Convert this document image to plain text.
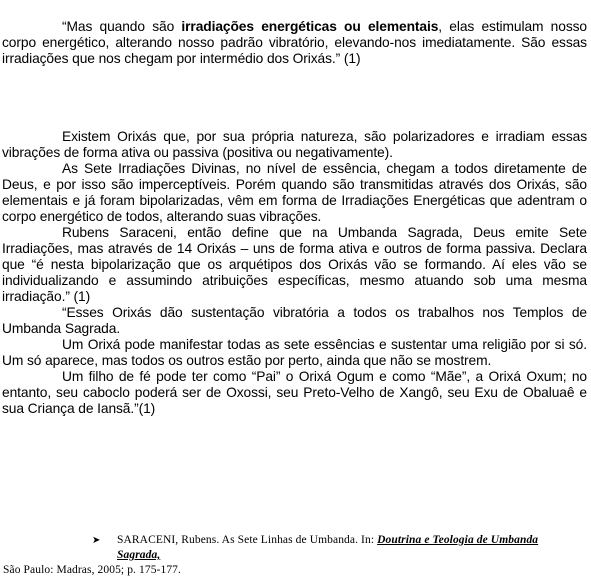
“Mas quando são irradiações energéticas ou elementais, elas estimulam nosso corpo energético, alterando nosso padrão vibratório, elevando-nos imediatamente. São essas irradiações que nos chegam por intermédio dos Orixás.” (1)

Existem Orixás que, por sua própria natureza, são polarizadores e irradiam essas vibrações de forma ativa ou passiva (positiva ou negativamente).

As Sete Irradiações Divinas, no nível de essência, chegam a todos diretamente de Deus, e por isso são imperceptíveis. Porém quando são transmitidas através dos Orixás, são elementais e já foram bipolarizadas, vêm em forma de Irradiações Energéticas que adentram o corpo energético de todos, alterando suas vibrações.

Rubens Saraceni, então define que na Umbanda Sagrada, Deus emite Sete Irradiações, mas através de 14 Orixás – uns de forma ativa e outros de forma passiva. Declara que “é nesta bipolarização que os arquétipos dos Orixás vão se formando. Aí eles vão se individualizando e assumindo atribuições específicas, mesmo atuando sob uma mesma irradiação.” (1)

“Esses Orixás dão sustentação vibratória a todos os trabalhos nos Templos de Umbanda Sagrada.

Um Orixá pode manifestar todas as sete essências e sustentar uma religião por si só. Um só aparece, mas todos os outros estão por perto, ainda que não se mostrem.

Um filho de fé pode ter como “Pai” o Orixá Ogum e como “Mãe”, a Orixá Oxum; no entanto, seu caboclo poderá ser de Oxossi, seu Preto-Velho de Xangô, seu Exu de Obaluaê e sua Criança de Iansã.”(1)

➤ SARACENI, Rubens. As Sete Linhas de Umbanda. In: Doutrina e Teologia de Umbanda Sagrada,
São Paulo: Madras, 2005; p. 175-177.
